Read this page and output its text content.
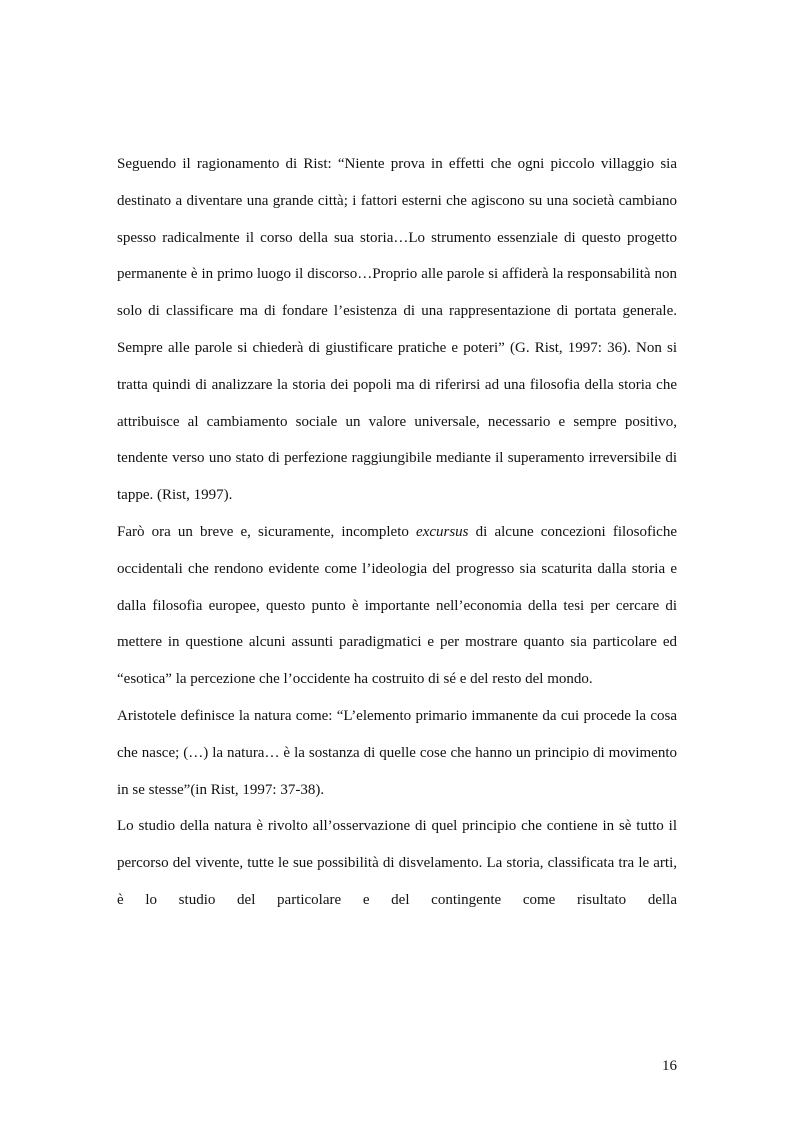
Seguendo il ragionamento di Rist: “Niente prova in effetti che ogni piccolo villaggio sia destinato a diventare una grande città; i fattori esterni che agiscono su una società cambiano spesso radicalmente il corso della sua storia…Lo strumento essenziale di questo progetto permanente è in primo luogo il discorso…Proprio alle parole si affiderà la responsabilità non solo di classificare ma di fondare l’esistenza di una rappresentazione di portata generale. Sempre alle parole si chiederà di giustificare pratiche e poteri” (G. Rist, 1997: 36). Non si tratta quindi di analizzare la storia dei popoli ma di riferirsi ad una filosofia della storia che attribuisce al cambiamento sociale un valore universale, necessario e sempre positivo, tendente verso uno stato di perfezione raggiungibile mediante il superamento irreversibile di tappe. (Rist, 1997).

Farò ora un breve e, sicuramente, incompleto excursus di alcune concezioni filosofiche occidentali che rendono evidente come l’ideologia del progresso sia scaturita dalla storia e dalla filosofia europee, questo punto è importante nell’economia della tesi per cercare di mettere in questione alcuni assunti paradigmatici e per mostrare quanto sia particolare ed “esotica” la percezione che l’occidente ha costruito di sé e del resto del mondo.

Aristotele definisce la natura come: “L’elemento primario immanente da cui procede la cosa che nasce; (…) la natura… è la sostanza di quelle cose che hanno un principio di movimento in se stesse”(in Rist, 1997: 37-38).

Lo studio della natura è rivolto all’osservazione di quel principio che contiene in sè tutto il percorso del vivente, tutte le sue possibilità di disvelamento. La storia, classificata tra le arti, è lo studio del particolare e del contingente come risultato della

16
